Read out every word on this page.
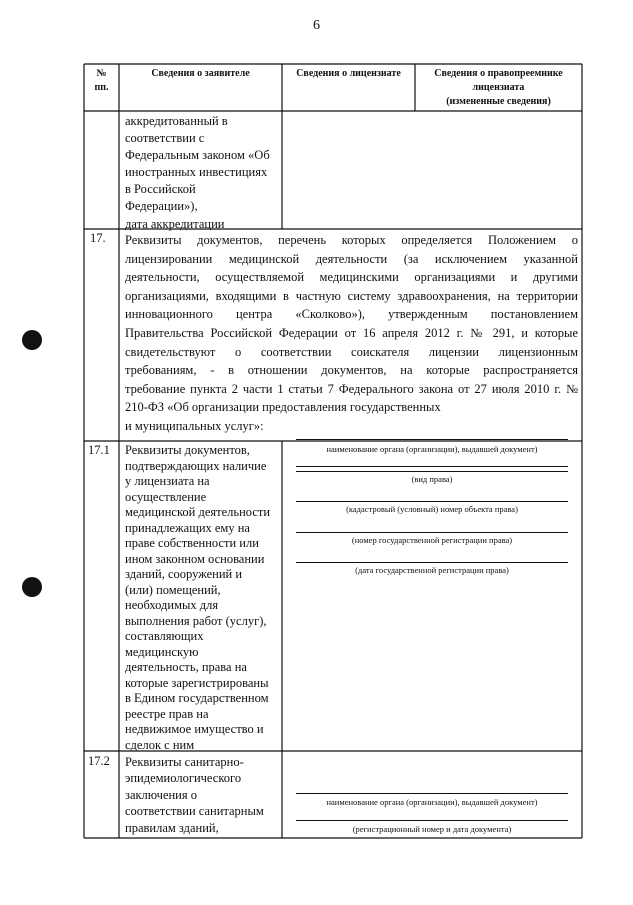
6
№
пп.
Сведения о заявителе	Сведения о лицензиате	Сведения о правопреемнике
лицензиата
(измененные сведения)
аккредитованный в
соответствии с
Федеральным законом «Об
иностранных инвестициях
в Российской
Федерации»),
дата аккредитации
17. Реквизиты документов, перечень которых определяется Положением о
лицензировании медицинской деятельности (за исключением указанной
деятельности, осуществляемой медицинскими организациями и другими
организациями, входящими в частную систему здравоохранения, на территории
инновационного центра «Сколково»), утвержденным постановлением
Правительства Российской Федерации от 16 апреля 2012 г. № 291, и которые
свидетельствуют о соответствии соискателя лицензии лицензионным
требованиям, - в отношении документов, на которые распространяется
требование пункта 2 части 1 статьи 7 Федерального закона от 27 июля 2010 г. №
210-ФЗ «Об организации предоставления государственных
и муниципальных услуг»:
17.1 Реквизиты документов,
подтверждающих наличие
у лицензиата на
осуществление
медицинской деятельности
принадлежащих ему на
праве собственности или
ином законном основании
зданий, сооружений и
(или) помещений,
необходимых для
выполнения работ (услуг),
составляющих
медицинскую
деятельность, права на
которые зарегистрированы
в Едином государственном
реестре прав на
недвижимое имущество и
сделок с ним
наименование органа (организации), выдавшей документ)
(вид права)
(кадастровый (условный) номер объекта права)
(номер государственной регистрации права)
(дата государственной регистрации права)
17.2 Реквизиты санитарно-
эпидемиологического
заключения о
соответствии санитарным
правилам зданий,
наименование органа (организации), выдавшей документ)
(регистрационный номер и дата документа)
